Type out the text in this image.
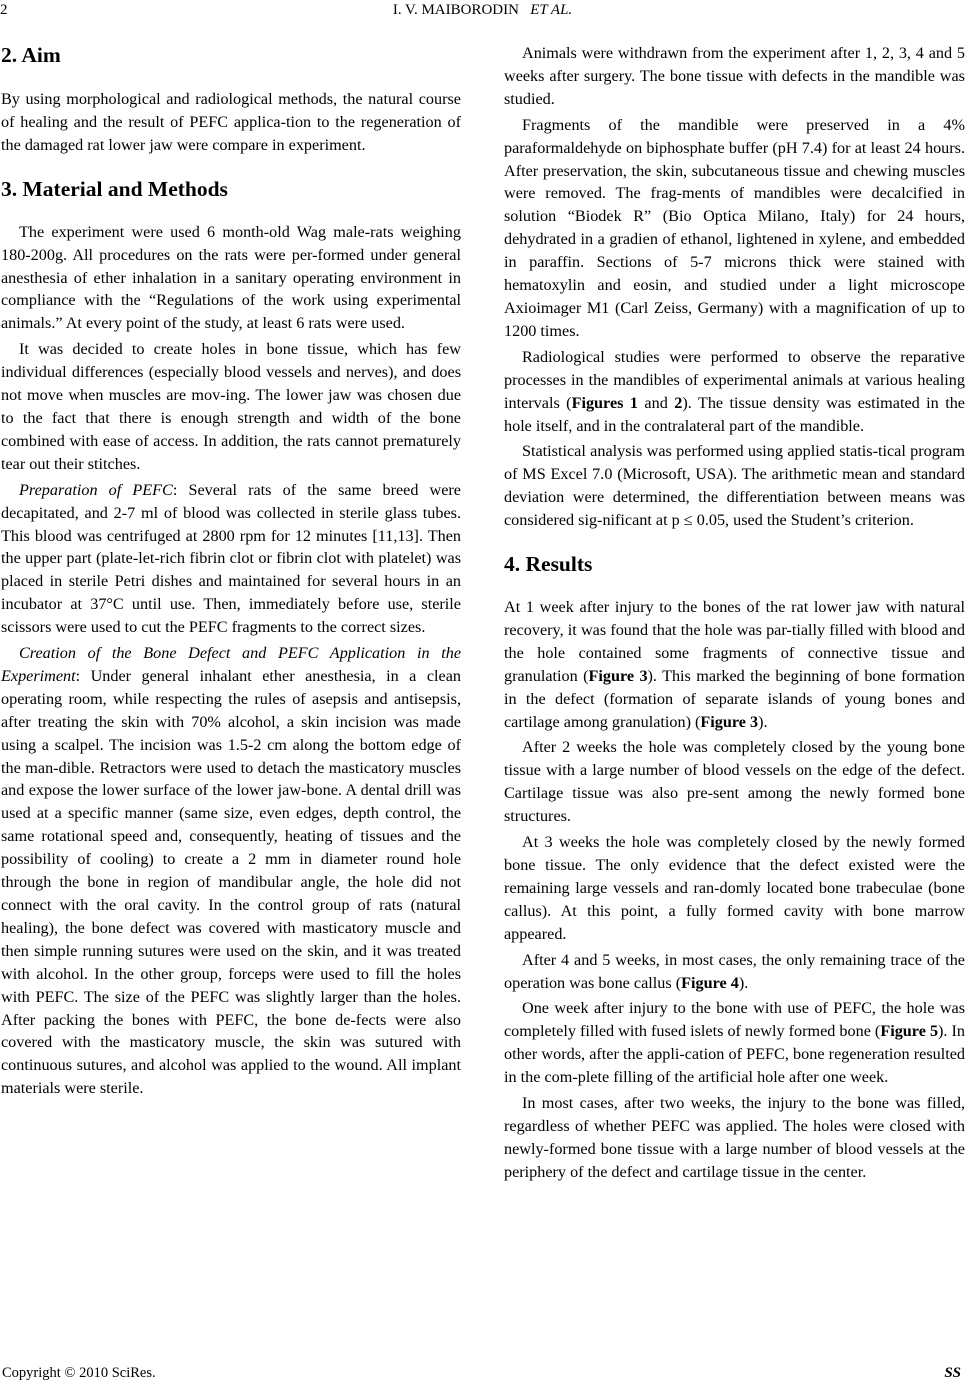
2	I. V. MAIBORODIN ET AL.
2. Aim

By using morphological and radiological methods, the natural course of healing and the result of PEFC applica-tion to the regeneration of the damaged rat lower jaw were compare in experiment.

3. Material and Methods

The experiment were used 6 month-old Wag male-rats weighing 180-200g. All procedures on the rats were per-formed under general anesthesia of ether inhalation in a sanitary operating environment in compliance with the “Regulations of the work using experimental animals.” At every point of the study, at least 6 rats were used.

It was decided to create holes in bone tissue, which has few individual differences (especially blood vessels and nerves), and does not move when muscles are mov-ing. The lower jaw was chosen due to the fact that there is enough strength and width of the bone combined with ease of access. In addition, the rats cannot prematurely tear out their stitches.

Preparation of PEFC: Several rats of the same breed were decapitated, and 2-7 ml of blood was collected in sterile glass tubes. This blood was centrifuged at 2800 rpm for 12 minutes [11,13]. Then the upper part (plate-let-rich fibrin clot or fibrin clot with platelet) was placed in sterile Petri dishes and maintained for several hours in an incubator at 37°C until use. Then, immediately before use, sterile scissors were used to cut the PEFC fragments to the correct sizes.

Creation of the Bone Defect and PEFC Application in the Experiment: Under general inhalant ether anesthesia, in a clean operating room, while respecting the rules of asepsis and antisepsis, after treating the skin with 70% alcohol, a skin incision was made using a scalpel. The incision was 1.5-2 cm along the bottom edge of the man-dible. Retractors were used to detach the masticatory muscles and expose the lower surface of the lower jaw-bone. A dental drill was used at a specific manner (same size, even edges, depth control, the same rotational speed and, consequently, heating of tissues and the possibility of cooling) to create a 2 mm in diameter round hole through the bone in region of mandibular angle, the hole did not connect with the oral cavity. In the control group of rats (natural healing), the bone defect was covered with masticatory muscle and then simple running sutures were used on the skin, and it was treated with alcohol. In the other group, forceps were used to fill the holes with PEFC. The size of the PEFC was slightly larger than the holes. After packing the bones with PEFC, the bone de-fects were also covered with the masticatory muscle, the skin was sutured with continuous sutures, and alcohol was applied to the wound. All implant materials were sterile.

Animals were withdrawn from the experiment after 1, 2, 3, 4 and 5 weeks after surgery. The bone tissue with defects in the mandible was studied.

Fragments of the mandible were preserved in a 4% paraformaldehyde on biphosphate buffer (pH 7.4) for at least 24 hours. After preservation, the skin, subcutaneous tissue and chewing muscles were removed. The frag-ments of mandibles were decalcified in solution “Biodek R” (Bio Optica Milano, Italy) for 24 hours, dehydrated in a gradien of ethanol, lightened in xylene, and embedded in paraffin. Sections of 5-7 microns thick were stained with hematoxylin and eosin, and studied under a light microscope Axioimager M1 (Carl Zeiss, Germany) with a magnification of up to 1200 times.

Radiological studies were performed to observe the reparative processes in the mandibles of experimental animals at various healing intervals (Figures 1 and 2). The tissue density was estimated in the hole itself, and in the contralateral part of the mandible.

Statistical analysis was performed using applied statis-tical program of MS Excel 7.0 (Microsoft, USA). The arithmetic mean and standard deviation were determined, the differentiation between means was considered sig-nificant at p ≤ 0.05, used the Student’s criterion.

4. Results

At 1 week after injury to the bones of the rat lower jaw with natural recovery, it was found that the hole was par-tially filled with blood and the hole contained some fragments of connective tissue and granulation (Figure 3). This marked the beginning of bone formation in the defect (formation of separate islands of young bones and cartilage among granulation) (Figure 3).

After 2 weeks the hole was completely closed by the young bone tissue with a large number of blood vessels on the edge of the defect. Cartilage tissue was also pre-sent among the newly formed bone structures.

At 3 weeks the hole was completely closed by the newly formed bone tissue. The only evidence that the defect existed were the remaining large vessels and ran-domly located bone trabeculae (bone callus). At this point, a fully formed cavity with bone marrow appeared.

After 4 and 5 weeks, in most cases, the only remaining trace of the operation was bone callus (Figure 4).

One week after injury to the bone with use of PEFC, the hole was completely filled with fused islets of newly formed bone (Figure 5). In other words, after the appli-cation of PEFC, bone regeneration resulted in the com-plete filling of the artificial hole after one week.

In most cases, after two weeks, the injury to the bone was filled, regardless of whether PEFC was applied. The holes were closed with newly-formed bone tissue with a large number of blood vessels at the periphery of the defect and cartilage tissue in the center.

Copyright © 2010 SciRes.	SS
